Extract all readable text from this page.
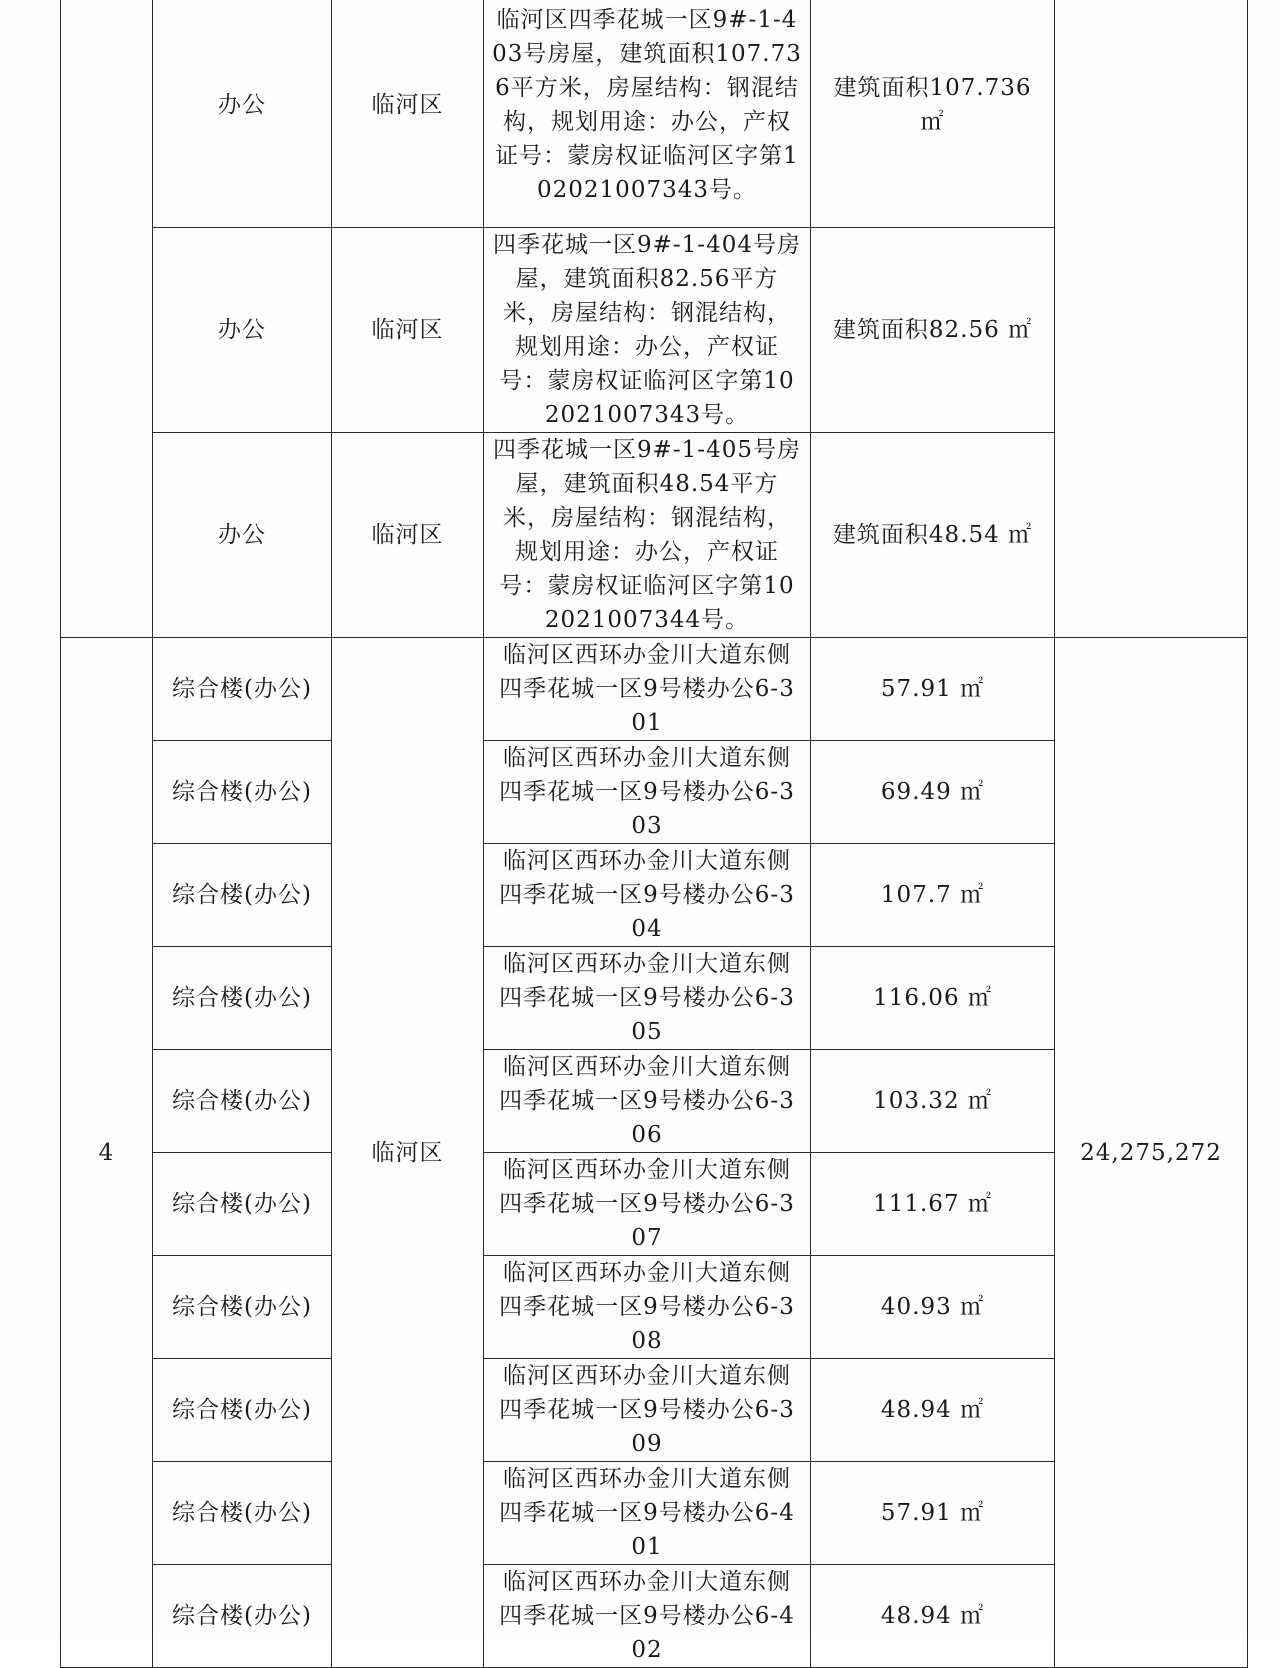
	办公	临河区	临河区四季花城一区9#-1-403号房屋，建筑面积107.736平方米，房屋结构：钢混结构，规划用途：办公，产权证号：蒙房权证临河区字第102021007343号。	建筑面积107.736 ㎡	
	办公	临河区	四季花城一区9#-1-404号房屋，建筑面积82.56平方米，房屋结构：钢混结构，规划用途：办公，产权证号：蒙房权证临河区字第102021007343号。	建筑面积82.56 ㎡	
	办公	临河区	四季花城一区9#-1-405号房屋，建筑面积48.54平方米，房屋结构：钢混结构，规划用途：办公，产权证号：蒙房权证临河区字第102021007344号。	建筑面积48.54 ㎡	
4	综合楼(办公)	临河区	临河区西环办金川大道东侧四季花城一区9号楼办公6-301	57.91 ㎡	24,275,272
	综合楼(办公)		临河区西环办金川大道东侧四季花城一区9号楼办公6-303	69.49 ㎡	
	综合楼(办公)		临河区西环办金川大道东侧四季花城一区9号楼办公6-304	107.7 ㎡	
	综合楼(办公)		临河区西环办金川大道东侧四季花城一区9号楼办公6-305	116.06 ㎡	
	综合楼(办公)		临河区西环办金川大道东侧四季花城一区9号楼办公6-306	103.32 ㎡	
	综合楼(办公)		临河区西环办金川大道东侧四季花城一区9号楼办公6-307	111.67 ㎡	
	综合楼(办公)		临河区西环办金川大道东侧四季花城一区9号楼办公6-308	40.93 ㎡	
	综合楼(办公)		临河区西环办金川大道东侧四季花城一区9号楼办公6-309	48.94 ㎡	
	综合楼(办公)		临河区西环办金川大道东侧四季花城一区9号楼办公6-401	57.91 ㎡	
	综合楼(办公)		临河区西环办金川大道东侧四季花城一区9号楼办公6-402	48.94 ㎡	
